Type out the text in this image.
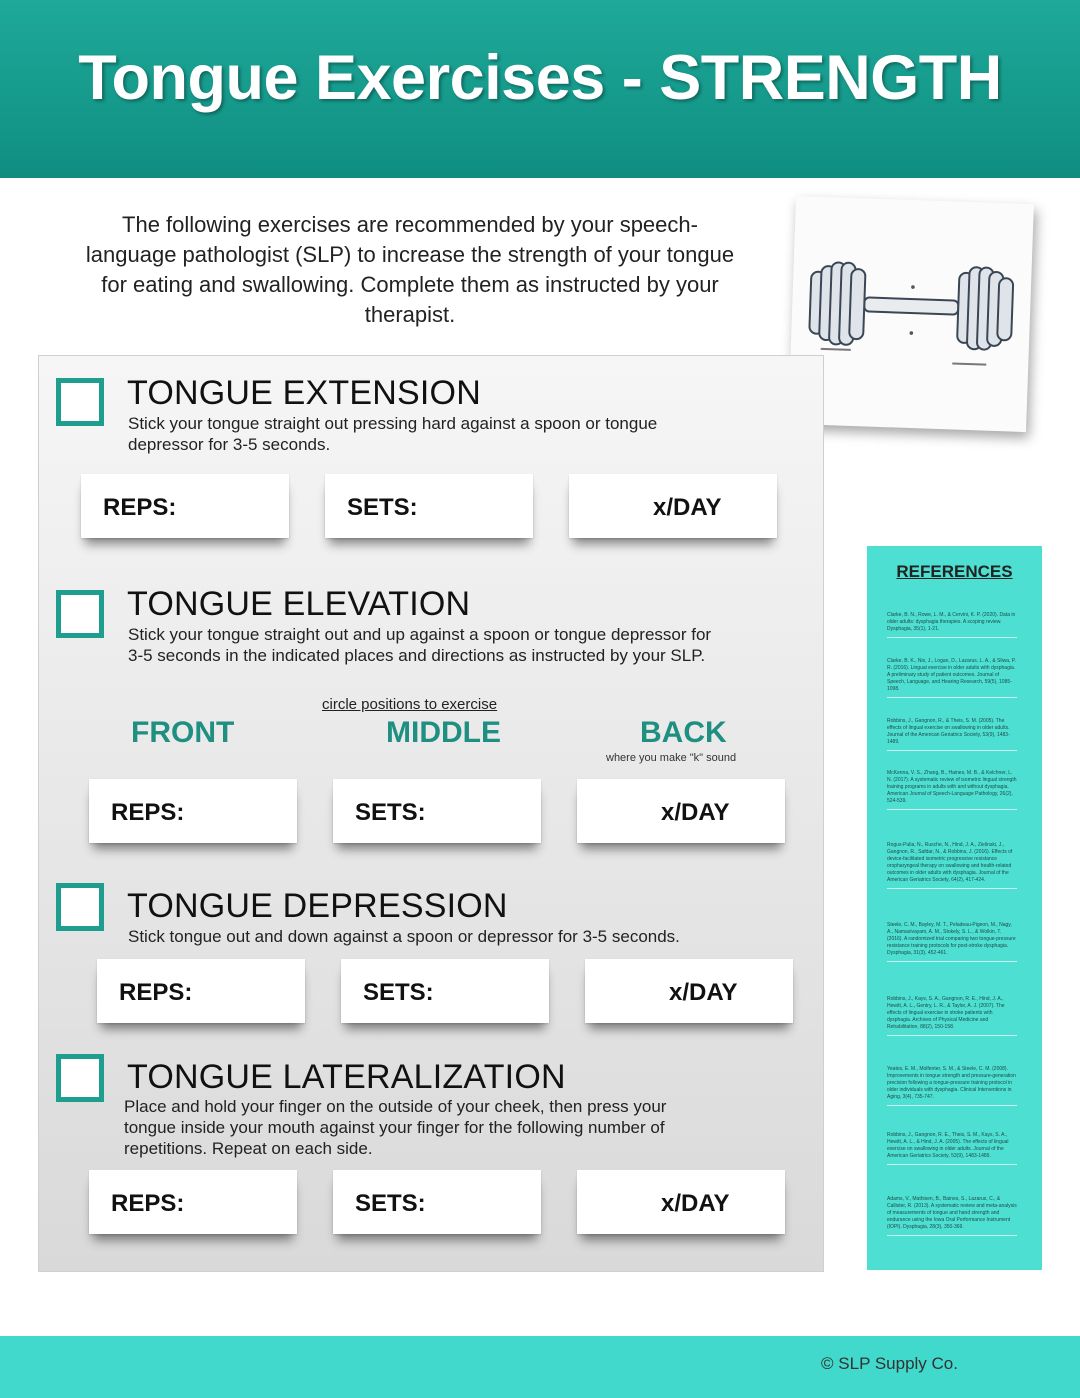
Tongue Exercises - STRENGTH
The following exercises are recommended by your speech-
language pathologist (SLP) to increase the strength of your tongue
for eating and swallowing. Complete them as instructed by your
therapist.
TONGUE EXTENSION
Stick your tongue straight out pressing hard against a spoon or tongue
depressor for 3-5 seconds.
REPS:	SETS:	x/DAY
TONGUE ELEVATION
Stick your tongue straight out and up against a spoon or tongue depressor for
3-5 seconds in the indicated places and directions as instructed by your SLP.
REPS:	SETS:	x/DAY
TONGUE DEPRESSION
Stick tongue out and down against a spoon or depressor for 3-5 seconds.
REPS:	SETS:	x/DAY
TONGUE LATERALIZATION
Place and hold your finger on the outside of your cheek, then press your
tongue inside your mouth against your finger for the following number of
repetitions. Repeat on each side.
REPS:	SETS:	x/DAY
circle positions to exercise
FRONT	MIDDLE	BACK
where you make "k" sound
REFERENCES
Clarke, B. N., Rowe, L. M., & Cervini, K. P. (2020). Data in older adults: dysphagia therapies. A scoping review. Dysphagia, 35(1), 1-21.
Clarke, B. K., Nix, J., Logan, D., Lazarus, L. A., & Sliwa, P. R. (2016). Lingual exercise in older adults with dysphagia. A preliminary study of patient outcomes. Journal of Speech, Language, and Hearing Research, 59(5), 1085-1098.
Robbins, J., Gangnon, R., & Theis, S. M. (2005). The effects of lingual exercise on swallowing in older adults. Journal of the American Geriatrics Society, 53(9), 1483-1489.
McKenna, V. S., Zhang, B., Haines, M. B., & Kelchner, L. N. (2017). A systematic review of isometric lingual strength training programs in adults with and without dysphagia. American Journal of Speech-Language Pathology, 26(2), 524-539.
Rogus-Pulia, N., Rusche, N., Hind, J. A., Zielinski, J., Gangnon, R., Safdar, N., & Robbins, J. (2016). Effects of device-facilitated isometric progressive resistance oropharyngeal therapy on swallowing and health-related outcomes in older adults with dysphagia. Journal of the American Geriatrics Society, 64(2), 417-424.
Steele, C. M., Bayley, M. T., Peladeau-Pigeon, M., Nagy, A., Namasivayam, A. M., Stokely, S. L., & Wolkin, T. (2016). A randomized trial comparing two tongue-pressure resistance training protocols for post-stroke dysphagia. Dysphagia, 31(3), 452-461.
Robbins, J., Kays, S. A., Gangnon, R. E., Hind, J. A., Hewitt, A. L., Gentry, L. R., & Taylor, A. J. (2007). The effects of lingual exercise in stroke patients with dysphagia. Archives of Physical Medicine and Rehabilitation, 88(2), 150-158.
Yeates, E. M., Molfenter, S. M., & Steele, C. M. (2008). Improvements in tongue strength and pressure-generation precision following a tongue-pressure training protocol in older individuals with dysphagia. Clinical Interventions in Aging, 3(4), 735-747.
Robbins, J., Gangnon, R. E., Theis, S. M., Kays, S. A., Hewitt, A. L., & Hind, J. A. (2005). The effects of lingual exercise on swallowing in older adults. Journal of the American Geriatrics Society, 53(9), 1483-1489.
Adams, V., Mathisen, B., Baines, S., Lazarus, C., & Callister, R. (2013). A systematic review and meta-analysis of measurements of tongue and hand strength and endurance using the Iowa Oral Performance Instrument (IOPI). Dysphagia, 28(3), 350-369.
© SLP Supply Co.
